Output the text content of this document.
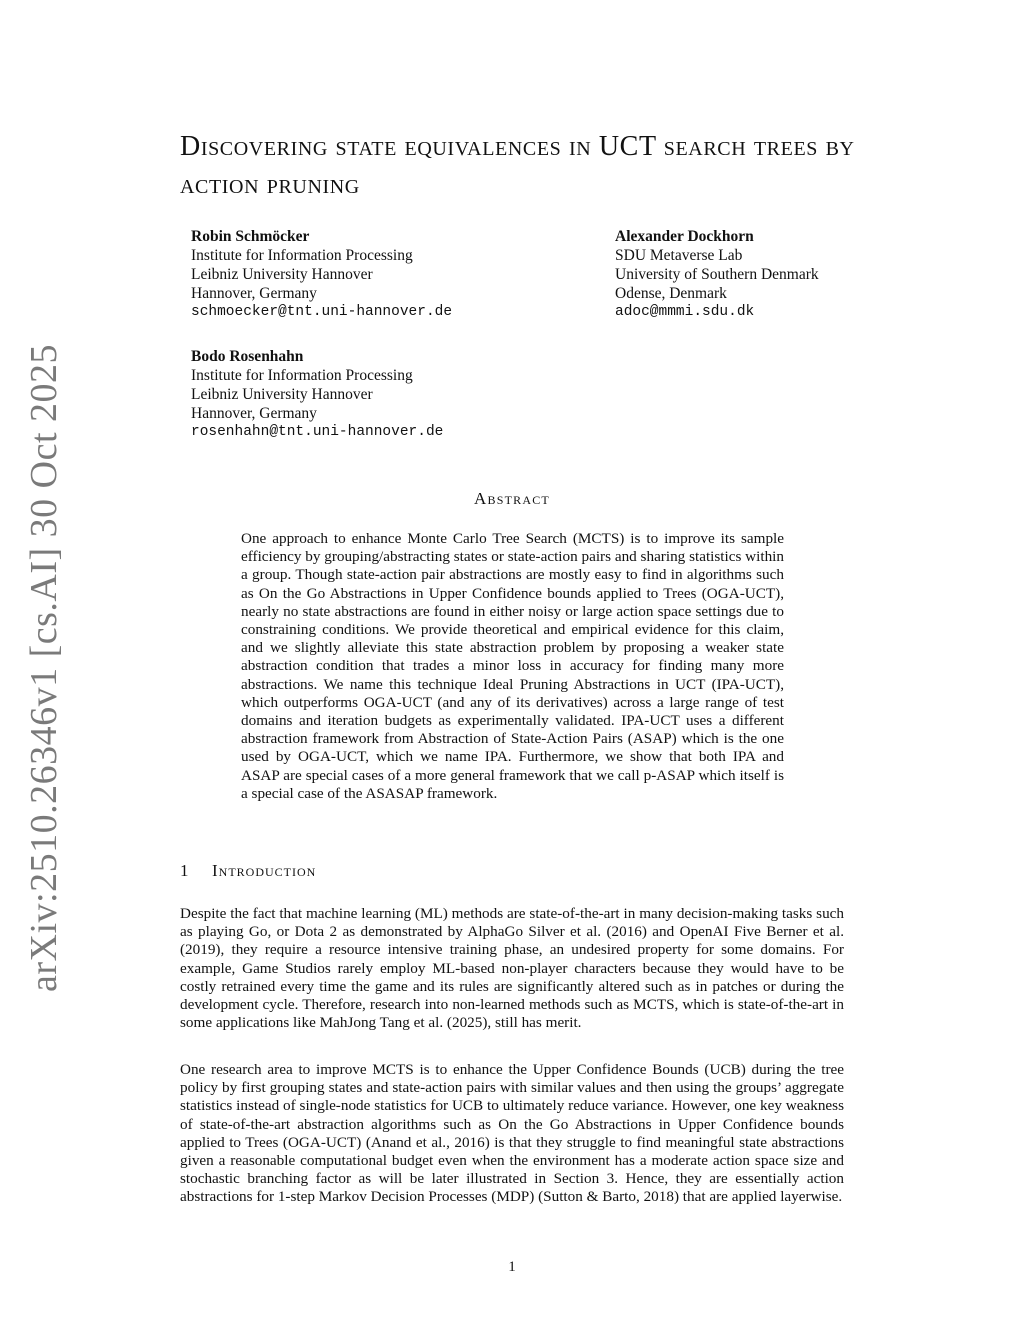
arXiv:2510.26346v1 [cs.AI] 30 Oct 2025
Discovering state equivalences in UCT search trees by action pruning
Robin Schmöcker
Institute for Information Processing
Leibniz University Hannover
Hannover, Germany
schmoecker@tnt.uni-hannover.de
Alexander Dockhorn
SDU Metaverse Lab
University of Southern Denmark
Odense, Denmark
adoc@mmmi.sdu.dk
Bodo Rosenhahn
Institute for Information Processing
Leibniz University Hannover
Hannover, Germany
rosenhahn@tnt.uni-hannover.de
Abstract

One approach to enhance Monte Carlo Tree Search (MCTS) is to improve its sample efficiency by grouping/abstracting states or state-action pairs and sharing statistics within a group. Though state-action pair abstractions are mostly easy to find in algorithms such as On the Go Abstractions in Upper Confidence bounds applied to Trees (OGA-UCT), nearly no state abstractions are found in either noisy or large action space settings due to constraining conditions. We provide theoretical and empirical evidence for this claim, and we slightly alleviate this state abstraction problem by proposing a weaker state abstraction condition that trades a minor loss in accuracy for finding many more abstractions. We name this technique Ideal Pruning Abstractions in UCT (IPA-UCT), which outperforms OGA-UCT (and any of its derivatives) across a large range of test domains and iteration budgets as experimentally validated. IPA-UCT uses a different abstraction framework from Abstraction of State-Action Pairs (ASAP) which is the one used by OGA-UCT, which we name IPA. Furthermore, we show that both IPA and ASAP are special cases of a more general framework that we call p-ASAP which itself is a special case of the ASASAP framework.

1 Introduction

Despite the fact that machine learning (ML) methods are state-of-the-art in many decision-making tasks such as playing Go, or Dota 2 as demonstrated by AlphaGo Silver et al. (2016) and OpenAI Five Berner et al. (2019), they require a resource intensive training phase, an undesired property for some domains. For example, Game Studios rarely employ ML-based non-player characters because they would have to be costly retrained every time the game and its rules are significantly altered such as in patches or during the development cycle. Therefore, research into non-learned methods such as MCTS, which is state-of-the-art in some applications like MahJong Tang et al. (2025), still has merit.

One research area to improve MCTS is to enhance the Upper Confidence Bounds (UCB) during the tree policy by first grouping states and state-action pairs with similar values and then using the groups’ aggregate statistics instead of single-node statistics for UCB to ultimately reduce variance. However, one key weakness of state-of-the-art abstraction algorithms such as On the Go Abstractions in Upper Confidence bounds applied to Trees (OGA-UCT) (Anand et al., 2016) is that they struggle to find meaningful state abstractions given a reasonable computational budget even when the environment has a moderate action space size and stochastic branching factor as will be later illustrated in Section 3. Hence, they are essentially action abstractions for 1-step Markov Decision Processes (MDP) (Sutton & Barto, 2018) that are applied layerwise.

1
